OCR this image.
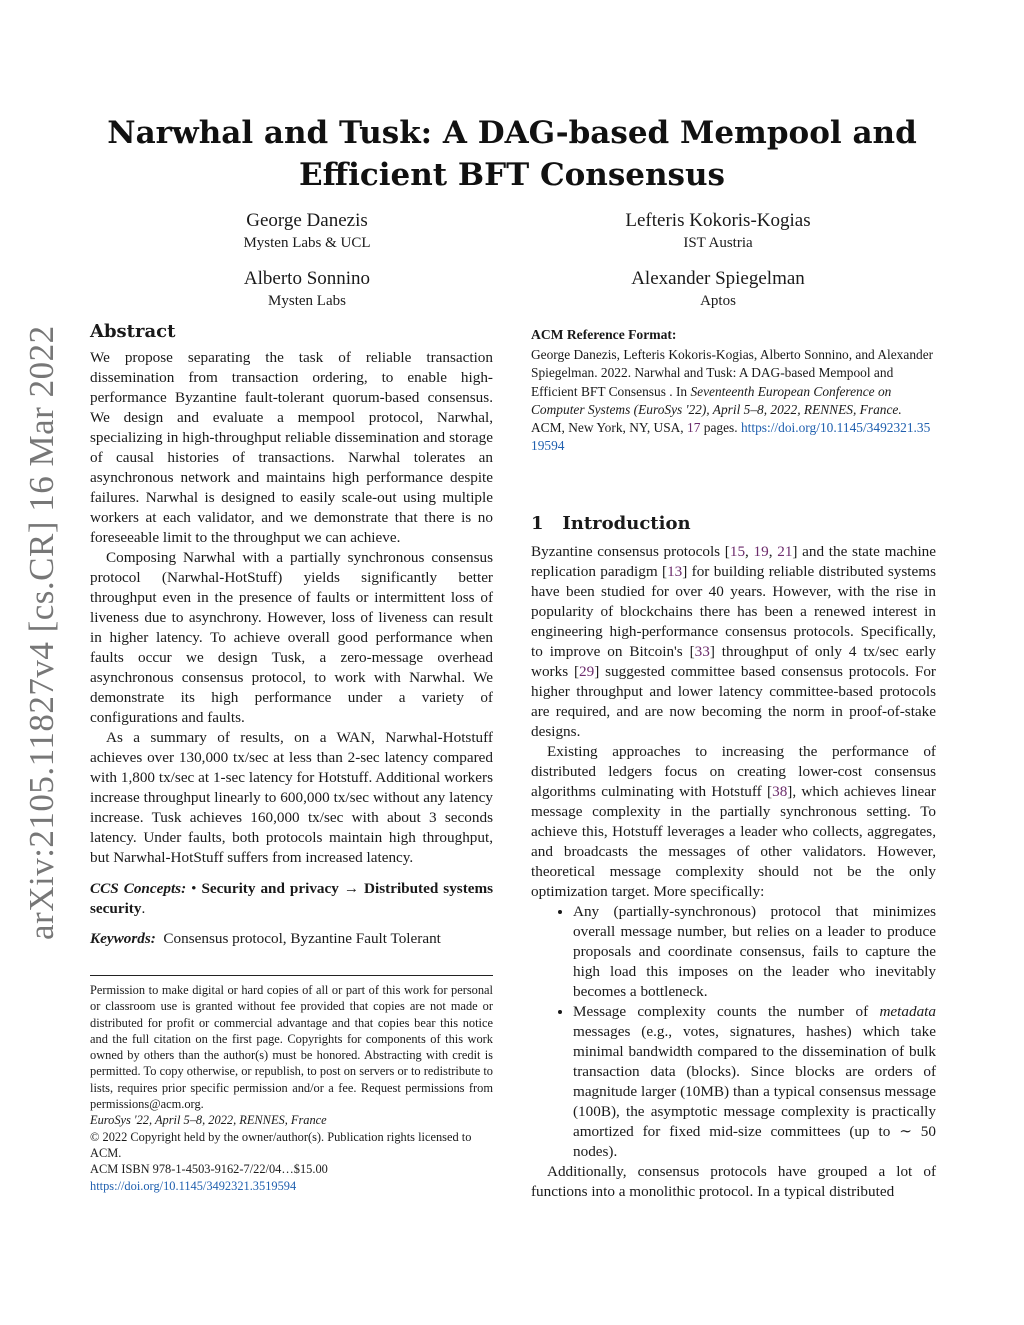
Narwhal and Tusk: A DAG-based Mempool and
Efficient BFT Consensus
George Danezis
Mysten Labs & UCL
Lefteris Kokoris-Kogias
IST Austria
Alberto Sonnino
Mysten Labs
Alexander Spiegelman
Aptos
arXiv:2105.11827v4 [cs.CR] 16 Mar 2022 Abstract

We propose separating the task of reliable transaction dissemination from transaction ordering, to enable high-performance Byzantine fault-tolerant quorum-based consensus. We design and evaluate a mempool protocol, Narwhal, specializing in high-throughput reliable dissemination and storage of causal histories of transactions. Narwhal tolerates an asynchronous network and maintains high performance despite failures. Narwhal is designed to easily scale-out using multiple workers at each validator, and we demonstrate that there is no foreseeable limit to the throughput we can achieve.

Composing Narwhal with a partially synchronous consensus protocol (Narwhal-HotStuff) yields significantly better throughput even in the presence of faults or intermittent loss of liveness due to asynchrony. However, loss of liveness can result in higher latency. To achieve overall good performance when faults occur we design Tusk, a zero-message overhead asynchronous consensus protocol, to work with Narwhal. We demonstrate its high performance under a variety of configurations and faults.

As a summary of results, on a WAN, Narwhal-Hotstuff achieves over 130,000 tx/sec at less than 2-sec latency compared with 1,800 tx/sec at 1-sec latency for Hotstuff. Additional workers increase throughput linearly to 600,000 tx/sec without any latency increase. Tusk achieves 160,000 tx/sec with about 3 seconds latency. Under faults, both protocols maintain high throughput, but Narwhal-HotStuff suffers from increased latency.

CCS Concepts: • Security and privacy → Distributed systems security.

Keywords: Consensus protocol, Byzantine Fault Tolerant

Permission to make digital or hard copies of all or part of this work for personal or classroom use is granted without fee provided that copies are not made or distributed for profit or commercial advantage and that copies bear this notice and the full citation on the first page. Copyrights for components of this work owned by others than the author(s) must be honored. Abstracting with credit is permitted. To copy otherwise, or republish, to post on servers or to redistribute to lists, requires prior specific permission and/or a fee. Request permissions from permissions@acm.org.

EuroSys '22, April 5–8, 2022, RENNES, France

© 2022 Copyright held by the owner/author(s). Publication rights licensed to ACM.

ACM ISBN 978-1-4503-9162-7/22/04…$15.00

https://doi.org/10.1145/3492321.3519594

ACM Reference Format:

George Danezis, Lefteris Kokoris-Kogias, Alberto Sonnino, and Alexander Spiegelman. 2022. Narwhal and Tusk: A DAG-based Mempool and Efficient BFT Consensus . In Seventeenth European Conference on Computer Systems (EuroSys '22), April 5–8, 2022, RENNES, France. ACM, New York, NY, USA, 17 pages. https://doi.org/10.1145/3492321.3519594

1 Introduction

Byzantine consensus protocols [15, 19, 21] and the state machine replication paradigm [13] for building reliable distributed systems have been studied for over 40 years. However, with the rise in popularity of blockchains there has been a renewed interest in engineering high-performance consensus protocols. Specifically, to improve on Bitcoin's [33] throughput of only 4 tx/sec early works [29] suggested committee based consensus protocols. For higher throughput and lower latency committee-based protocols are required, and are now becoming the norm in proof-of-stake designs.

Existing approaches to increasing the performance of distributed ledgers focus on creating lower-cost consensus algorithms culminating with Hotstuff [38], which achieves linear message complexity in the partially synchronous setting. To achieve this, Hotstuff leverages a leader who collects, aggregates, and broadcasts the messages of other validators. However, theoretical message complexity should not be the only optimization target. More specifically:

• Any (partially-synchronous) protocol that minimizes overall message number, but relies on a leader to produce proposals and coordinate consensus, fails to capture the high load this imposes on the leader who inevitably becomes a bottleneck.
• Message complexity counts the number of metadata messages (e.g., votes, signatures, hashes) which take minimal bandwidth compared to the dissemination of bulk transaction data (blocks). Since blocks are orders of magnitude larger (10MB) than a typical consensus message (100B), the asymptotic message complexity is practically amortized for fixed mid-size committees (up to ∼ 50 nodes).

Additionally, consensus protocols have grouped a lot of functions into a monolithic protocol. In a typical distributed
